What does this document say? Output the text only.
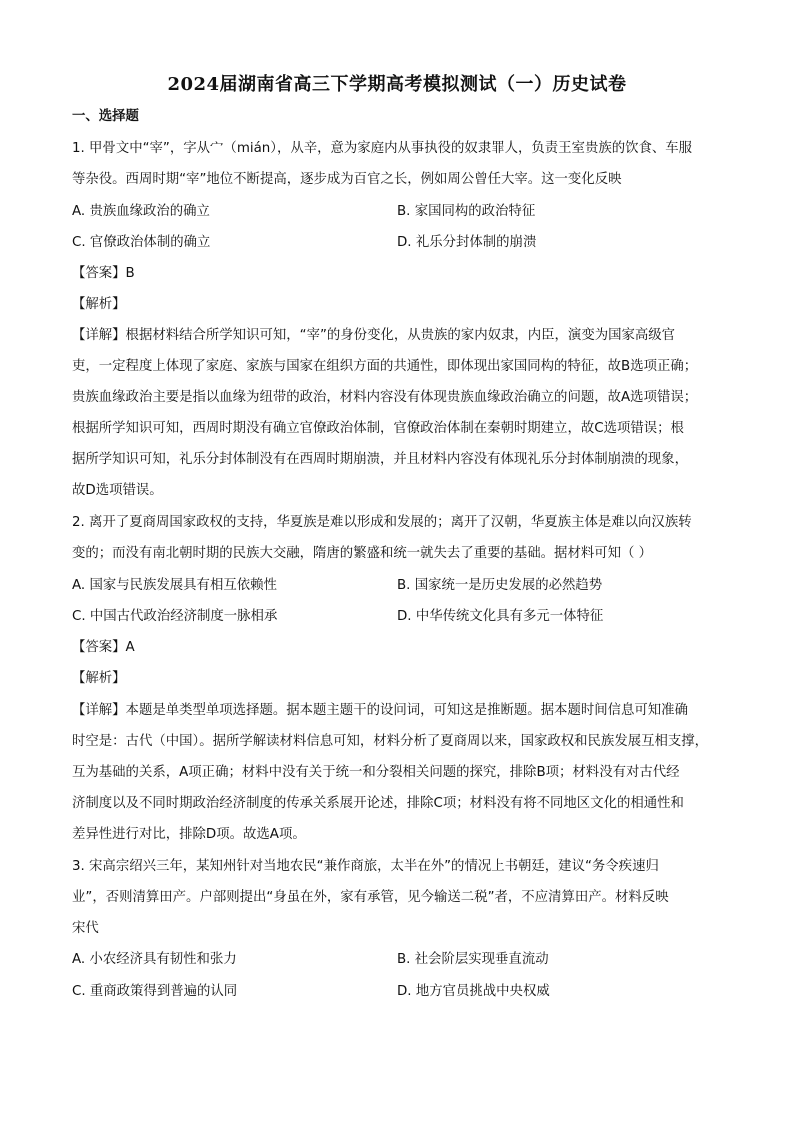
2024届湖南省高三下学期高考模拟测试（一）历史试卷
一、选择题
1. 甲骨文中“宰”，字从宀（mián），从辛，意为家庭内从事执役的奴隶罪人，负责王室贵族的饮食、车服
等杂役。西周时期“宰”地位不断提高，逐步成为百官之长，例如周公曾任大宰。这一变化反映
A. 贵族血缘政治的确立	B. 家国同构的政治特征
C. 官僚政治体制的确立	D. 礼乐分封体制的崩溃
【答案】B
【解析】
【详解】根据材料结合所学知识可知，“宰”的身份变化，从贵族的家内奴隶，内臣，演变为国家高级官
吏，一定程度上体现了家庭、家族与国家在组织方面的共通性，即体现出家国同构的特征，故B选项正确；
贵族血缘政治主要是指以血缘为纽带的政治，材料内容没有体现贵族血缘政治确立的问题，故A选项错误；
根据所学知识可知，西周时期没有确立官僚政治体制，官僚政治体制在秦朝时期建立，故C选项错误；根
据所学知识可知，礼乐分封体制没有在西周时期崩溃，并且材料内容没有体现礼乐分封体制崩溃的现象，
故D选项错误。
2. 离开了夏商周国家政权的支持，华夏族是难以形成和发展的；离开了汉朝，华夏族主体是难以向汉族转
变的；而没有南北朝时期的民族大交融，隋唐的繁盛和统一就失去了重要的基础。据材料可知（ ）
A. 国家与民族发展具有相互依赖性	B. 国家统一是历史发展的必然趋势
C. 中国古代政治经济制度一脉相承	D. 中华传统文化具有多元一体特征
【答案】A
【解析】
【详解】本题是单类型单项选择题。据本题主题干的设问词，可知这是推断题。据本题时间信息可知准确
时空是：古代（中国）。据所学解读材料信息可知，材料分析了夏商周以来，国家政权和民族发展互相支撑，
互为基础的关系，A项正确；材料中没有关于统一和分裂相关问题的探究，排除B项；材料没有对古代经
济制度以及不同时期政治经济制度的传承关系展开论述，排除C项；材料没有将不同地区文化的相通性和
差异性进行对比，排除D项。故选A项。
3. 宋高宗绍兴三年，某知州针对当地农民“兼作商旅，太半在外”的情况上书朝廷，建议“务令疾速归
业”，否则清算田产。户部则提出“身虽在外，家有承管，见今输送二税”者，不应清算田产。材料反映
宋代
A. 小农经济具有韧性和张力	B. 社会阶层实现垂直流动
C. 重商政策得到普遍的认同	D. 地方官员挑战中央权威
